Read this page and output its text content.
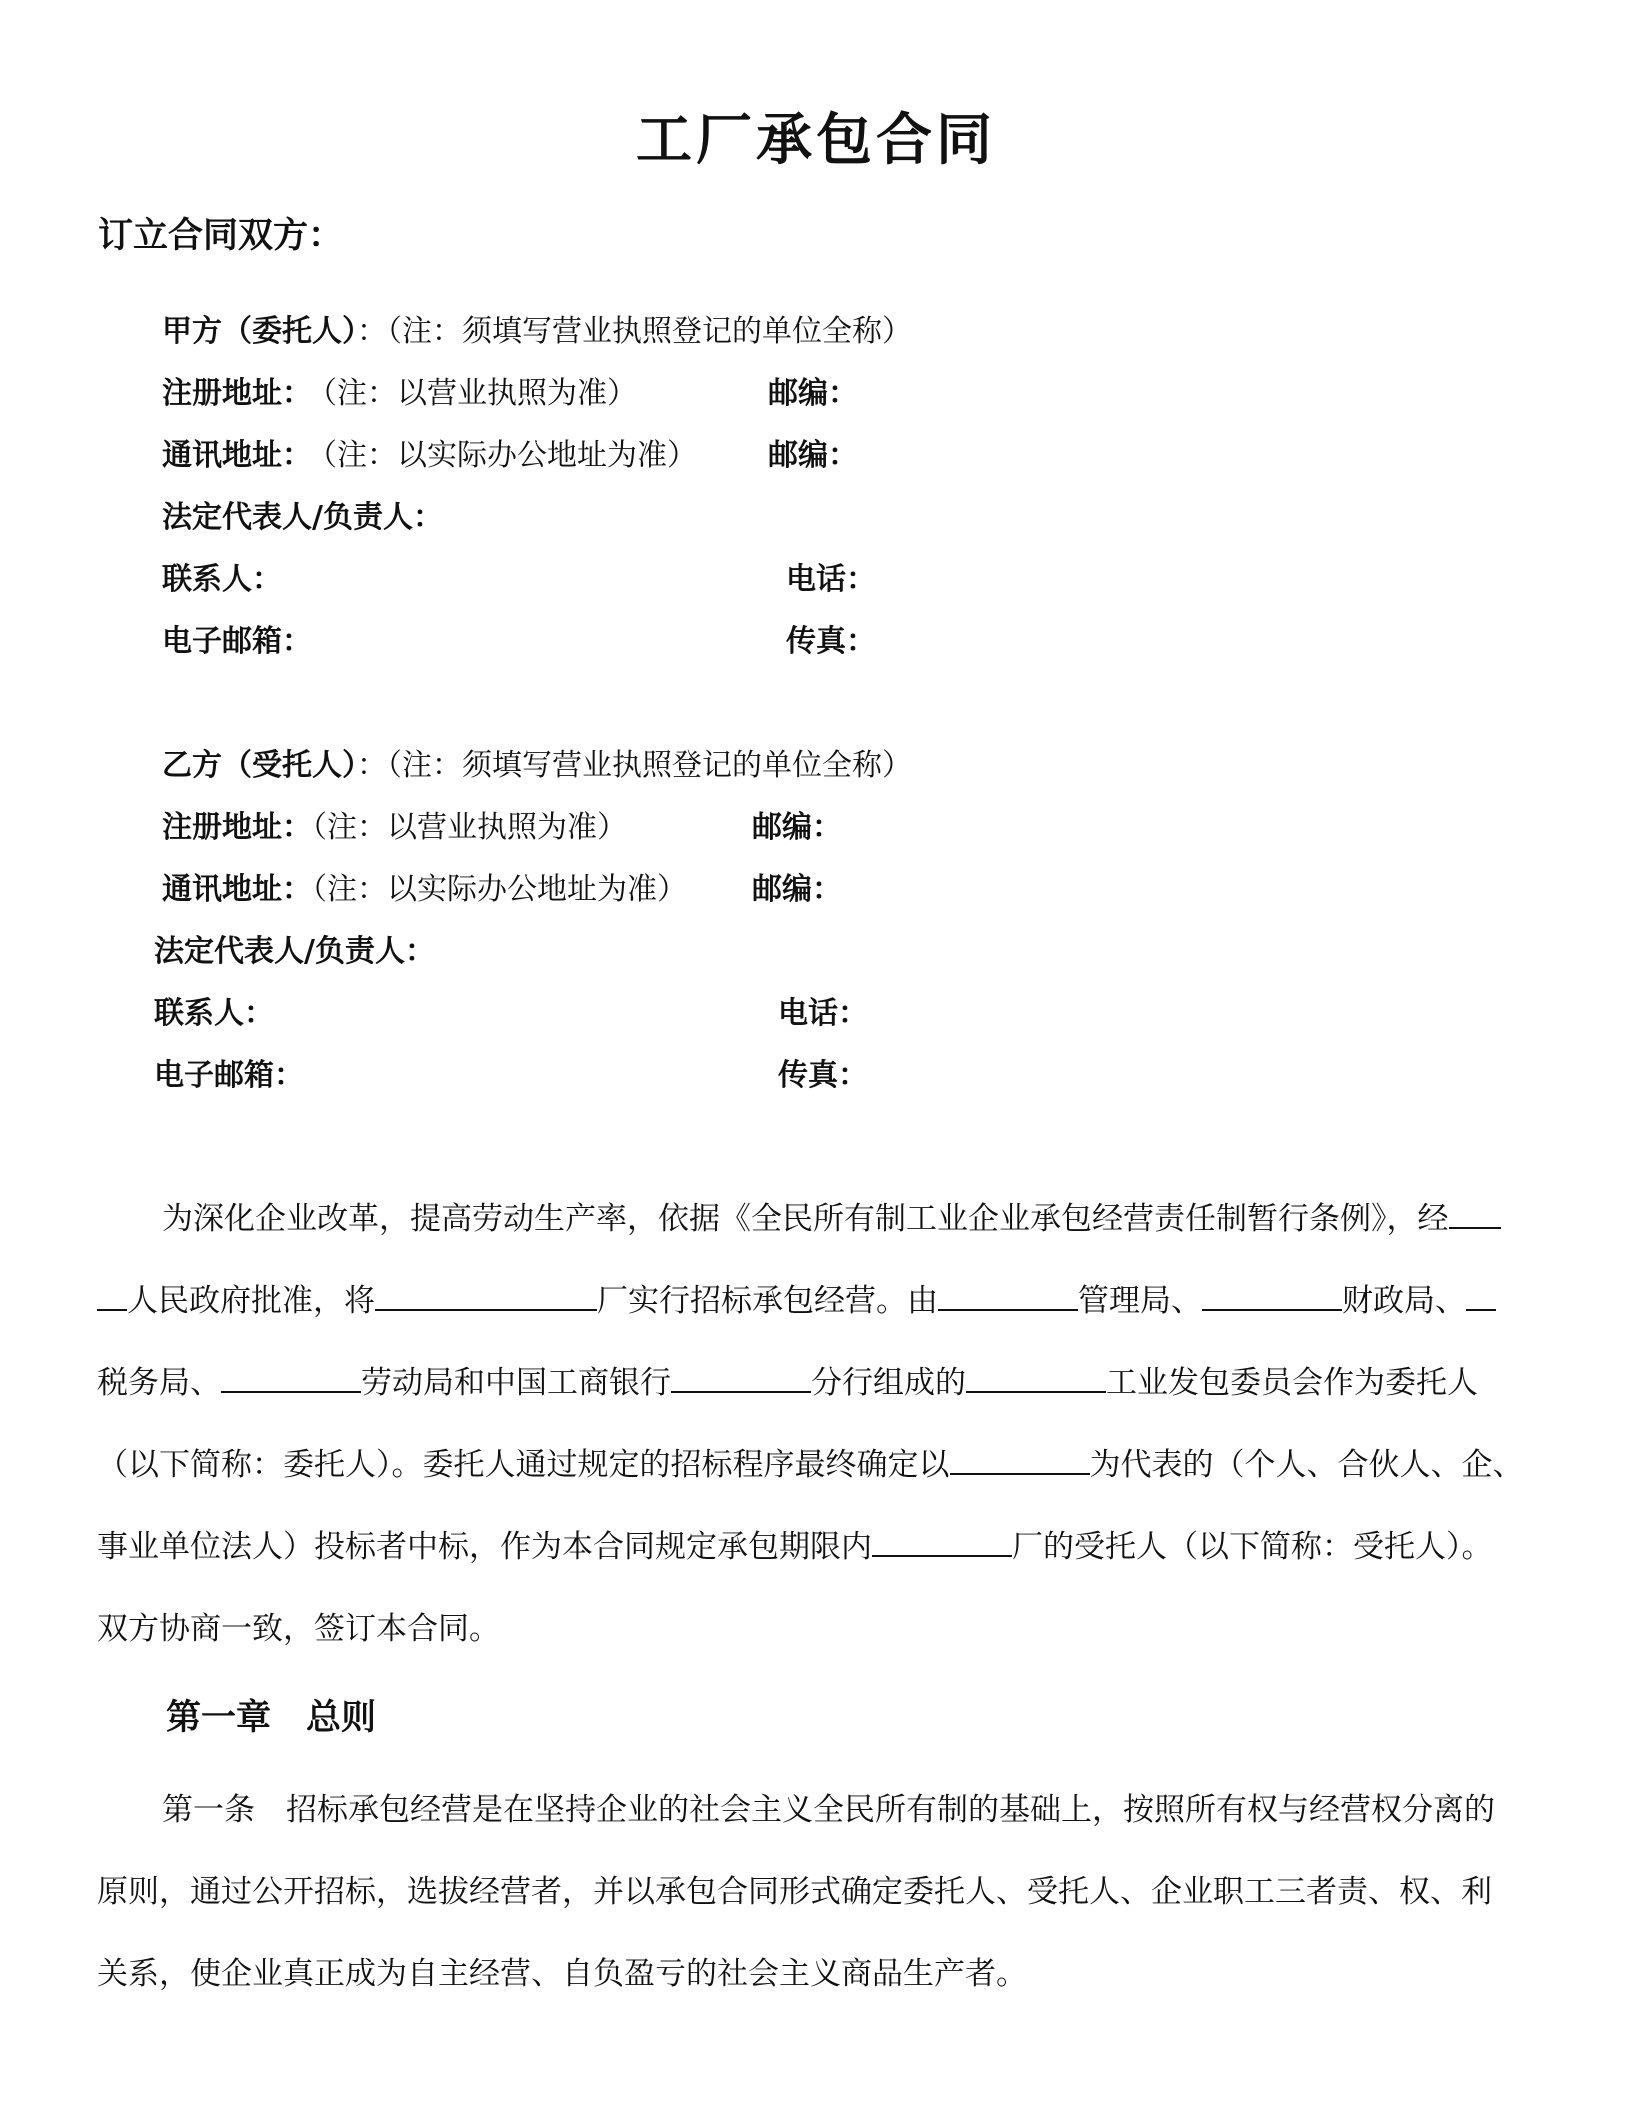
工厂承包合同
订立合同双方：
甲方（委托人）：（注：须填写营业执照登记的单位全称）
注册地址： （注：以营业执照为准）	邮编：
通讯地址： （注：以实际办公地址为准） 邮编：
法定代表人/负责人：
联系人：	电话：
电子邮箱：	传真：
乙方（受托人）：（注：须填写营业执照登记的单位全称）
注册地址：（注：以营业执照为准）	邮编：
通讯地址：（注：以实际办公地址为准） 邮编：
法定代表人/负责人：
联系人：	电话：
电子邮箱：	传真：
为深化企业改革，提高劳动生产率，依据《全民所有制工业企业承包经营责任制暂行条例》，经
人民政府批准，将	厂实行招标承包经营。由	管理局、	财政局、
税务局、	劳动局和中国工商银行	分行组成的	工业发包委员会作为委托人
（以下简称：委托人）。委托人通过规定的招标程序最终确定以	为代表的（个人、合伙人、企、
事业单位法人）投标者中标，作为本合同规定承包期限内	厂的受托人（以下简称：受托人）。
双方协商一致，签订本合同。
第一章　总则
第一条　招标承包经营是在坚持企业的社会主义全民所有制的基础上，按照所有权与经营权分离的
原则，通过公开招标，选拔经营者，并以承包合同形式确定委托人、受托人、企业职工三者责、权、利
关系，使企业真正成为自主经营、自负盈亏的社会主义商品生产者。
